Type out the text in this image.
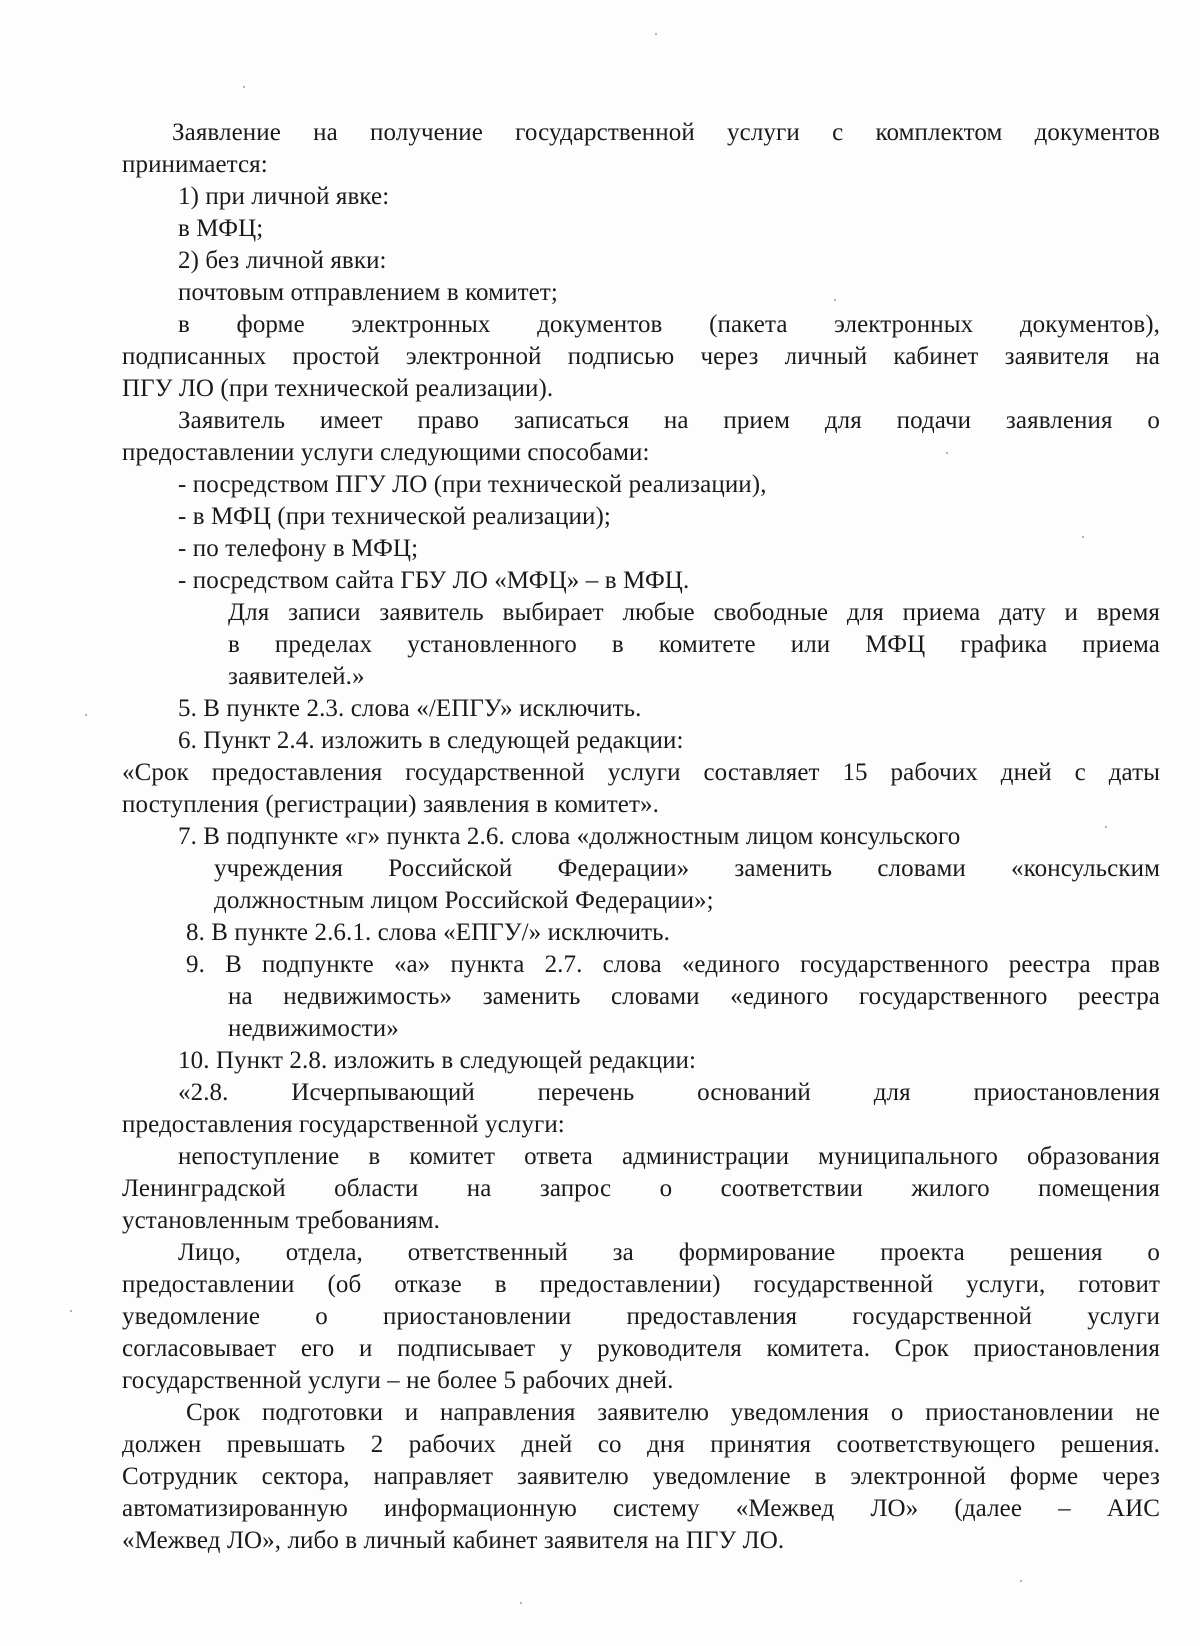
Заявление на получение государственной услуги с комплектом документов
принимается:
1) при личной явке:
в МФЦ;
2) без личной явки:
почтовым отправлением в комитет;
в форме электронных документов (пакета электронных документов),
подписанных простой электронной подписью через личный кабинет заявителя на
ПГУ ЛО (при технической реализации).
Заявитель имеет право записаться на прием для подачи заявления о
предоставлении услуги следующими способами:
- посредством ПГУ ЛО (при технической реализации),
- в МФЦ (при технической реализации);
- по телефону в МФЦ;
- посредством сайта ГБУ ЛО «МФЦ» – в МФЦ.
Для записи заявитель выбирает любые свободные для приема дату и время
в пределах установленного в комитете или МФЦ графика приема
заявителей.»
5. В пункте 2.3. слова «/ЕПГУ» исключить.
6. Пункт 2.4. изложить в следующей редакции:
«Срок предоставления государственной услуги составляет 15 рабочих дней с даты
поступления (регистрации) заявления в комитет».
7. В подпункте «г» пункта 2.6. слова «должностным лицом консульского
учреждения Российской Федерации» заменить словами «консульским
должностным лицом Российской Федерации»;
8. В пункте 2.6.1. слова «ЕПГУ/» исключить.
9. В подпункте «а» пункта 2.7. слова «единого государственного реестра прав
на недвижимость» заменить словами «единого государственного реестра
недвижимости»
10. Пункт 2.8. изложить в следующей редакции:
«2.8. Исчерпывающий перечень оснований для приостановления
предоставления государственной услуги:
непоступление в комитет ответа администрации муниципального образования
Ленинградской области на запрос о соответствии жилого помещения
установленным требованиям.
Лицо, отдела, ответственный за формирование проекта решения о
предоставлении (об отказе в предоставлении) государственной услуги, готовит
уведомление о приостановлении предоставления государственной услуги
согласовывает его и подписывает у руководителя комитета. Срок приостановления
государственной услуги – не более 5 рабочих дней.
Срок подготовки и направления заявителю уведомления о приостановлении не
должен превышать 2 рабочих дней со дня принятия соответствующего решения.
Сотрудник сектора, направляет заявителю уведомление в электронной форме через
автоматизированную информационную систему «Межвед ЛО» (далее – АИС
«Межвед ЛО», либо в личный кабинет заявителя на ПГУ ЛО.
